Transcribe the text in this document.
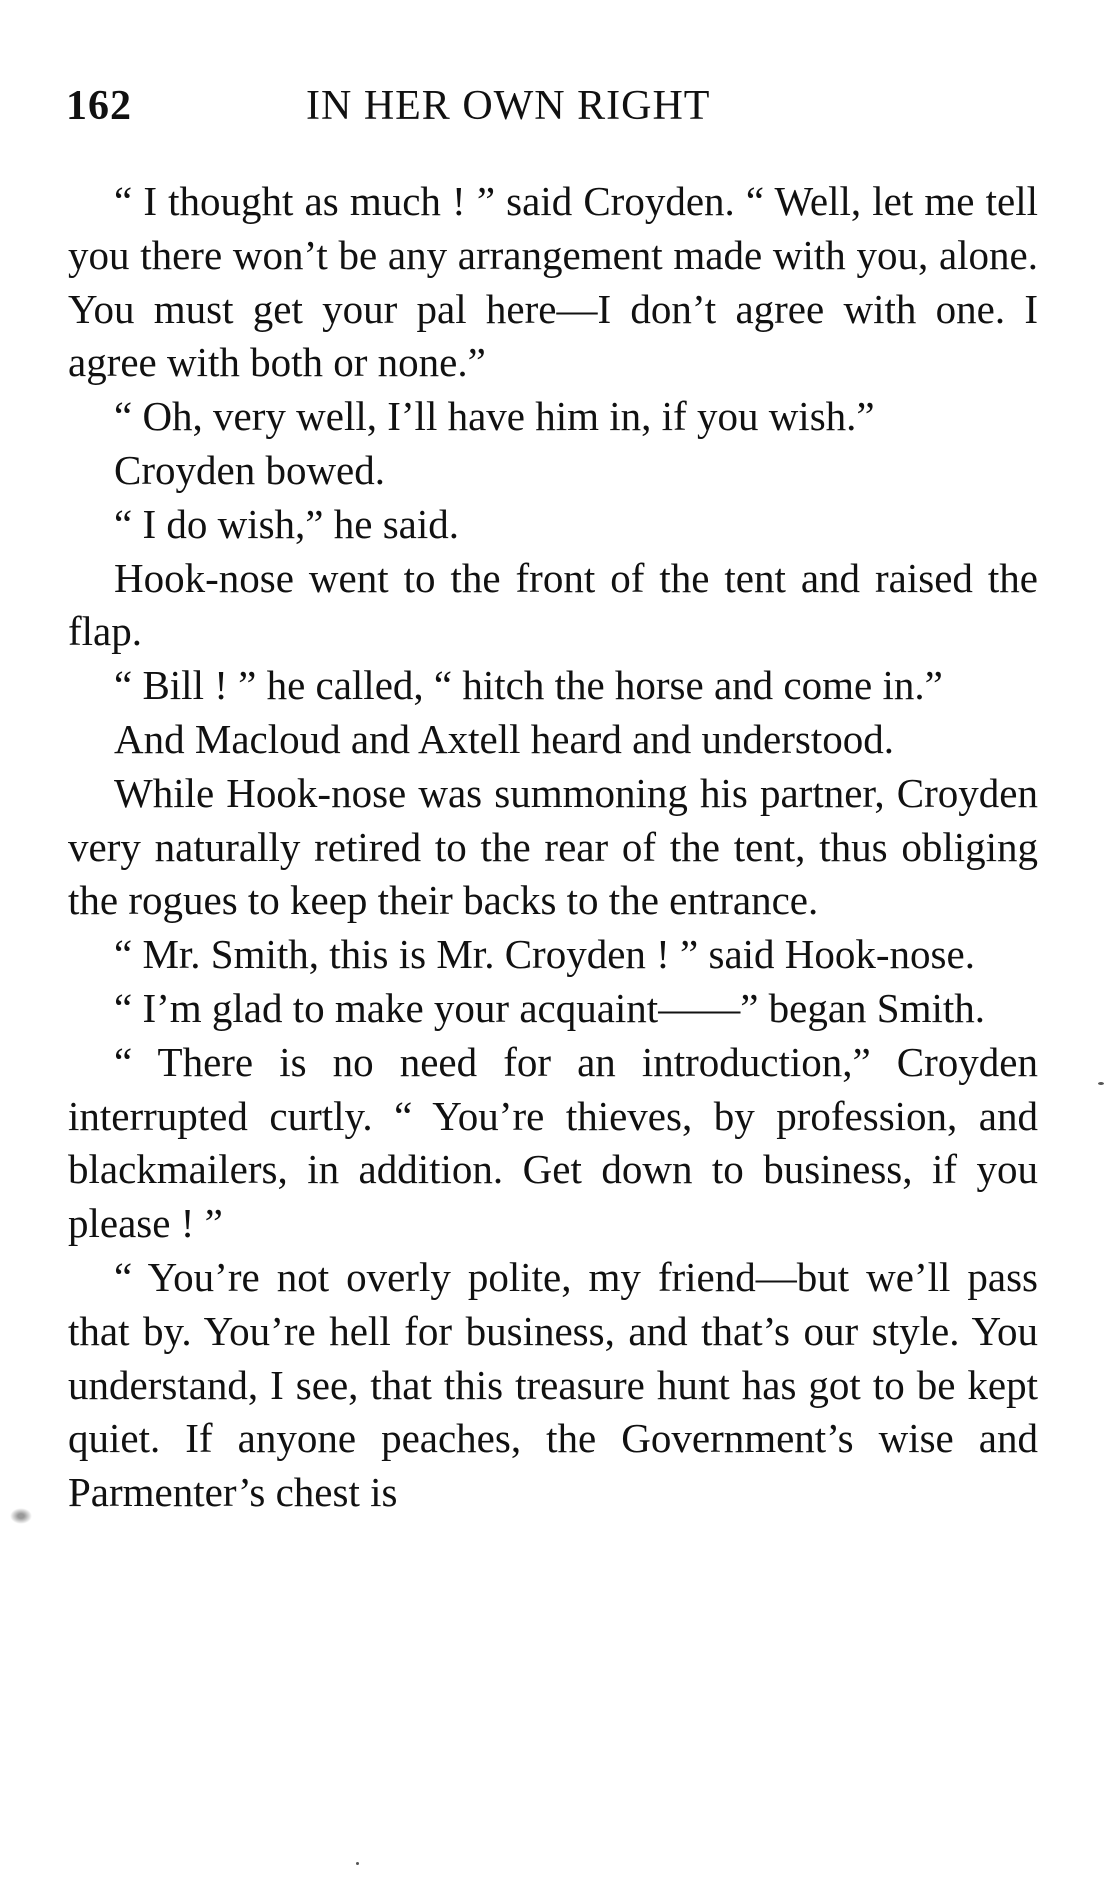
162	IN HER OWN RIGHT

“ I thought as much ! ” said Croyden. “ Well, let me tell you there won’t be any arrangement made with you, alone. You must get your pal here—I don’t agree with one. I agree with both or none.”

“ Oh, very well, I’ll have him in, if you wish.”

Croyden bowed.

“ I do wish,” he said.

Hook-nose went to the front of the tent and raised the flap.

“ Bill ! ” he called, “ hitch the horse and come in.”

And Macloud and Axtell heard and understood.

While Hook-nose was summoning his partner, Croyden very naturally retired to the rear of the tent, thus obliging the rogues to keep their backs to the entrance.

“ Mr. Smith, this is Mr. Croyden ! ” said Hook-nose.

“ I’m glad to make your acquaint——” began Smith.

“ There is no need for an introduction,” Croyden interrupted curtly. “ You’re thieves, by profession, and blackmailers, in addition. Get down to business, if you please ! ”

“ You’re not overly polite, my friend—but we’ll pass that by. You’re hell for business, and that’s our style. You understand, I see, that this treasure hunt has got to be kept quiet. If anyone peaches, the Government’s wise and Parmenter’s chest is
